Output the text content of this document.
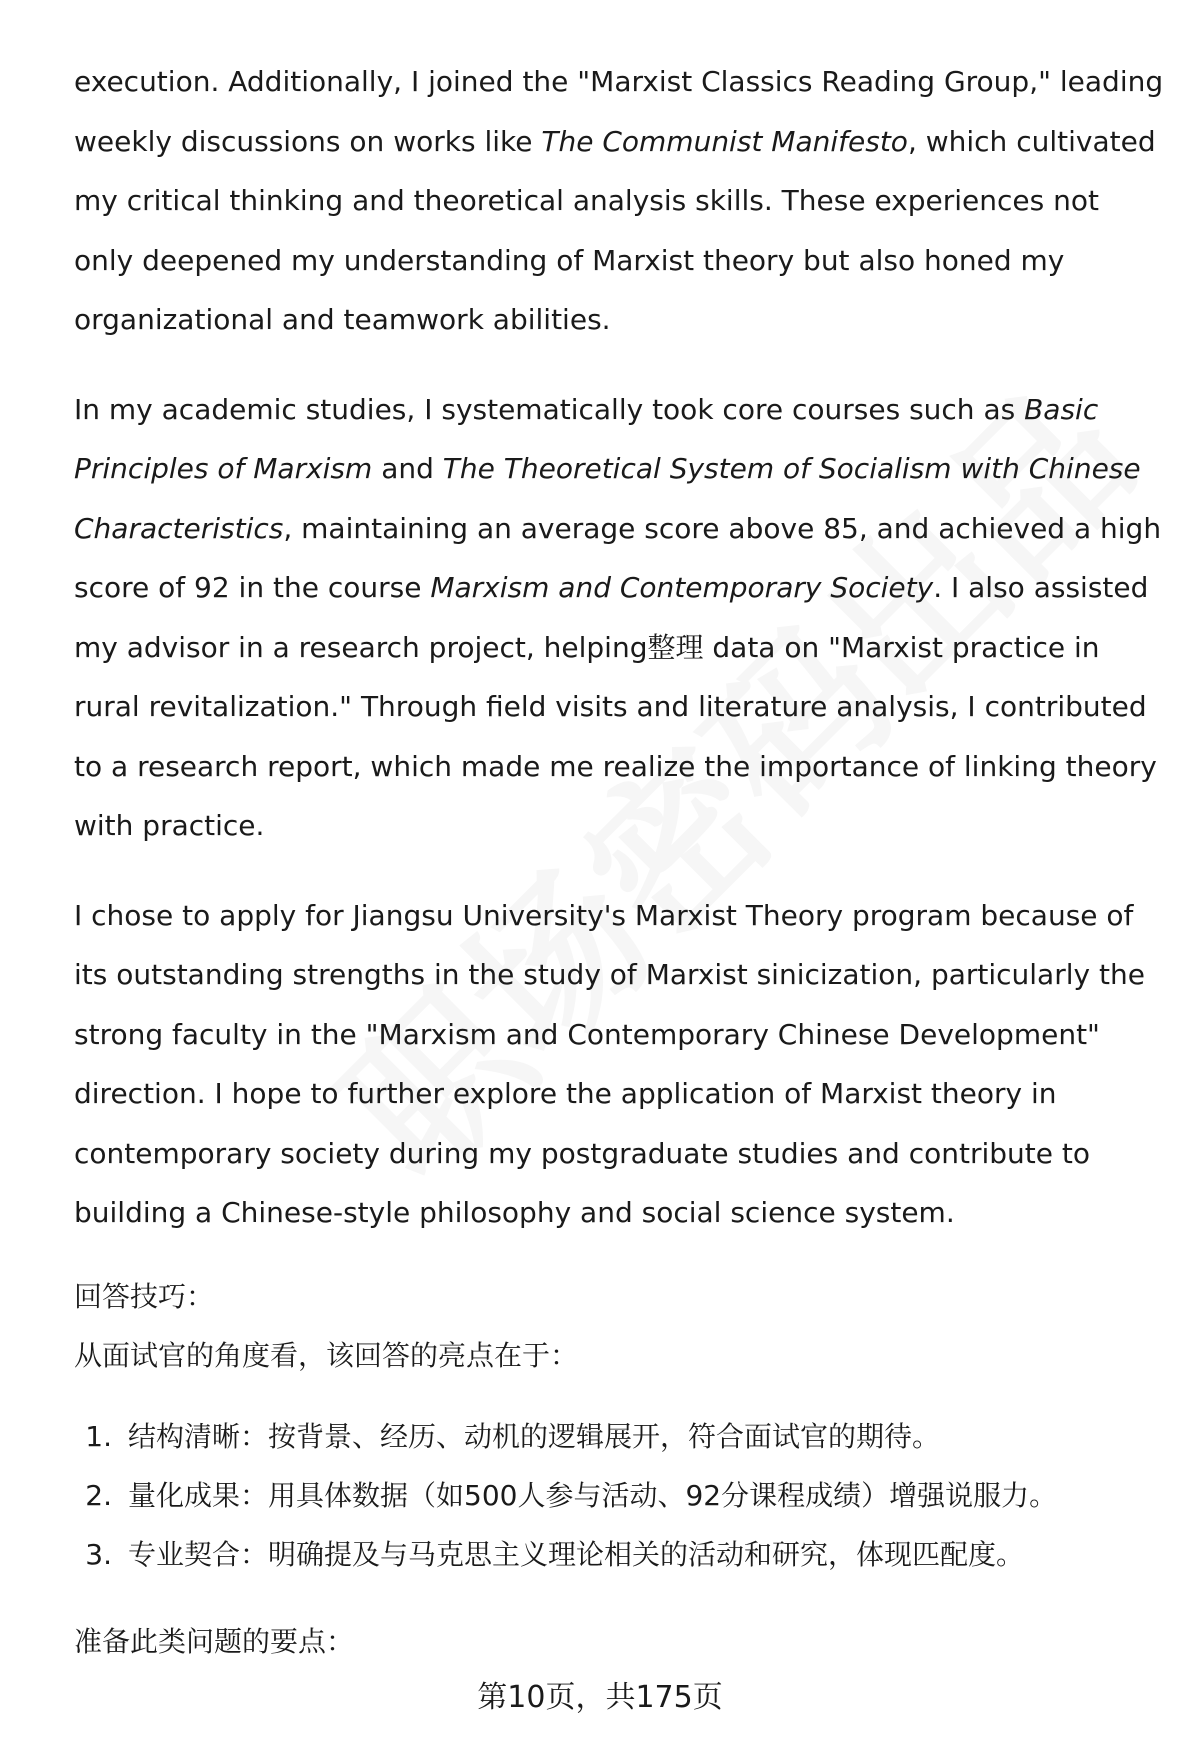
execution. Additionally, I joined the "Marxist Classics Reading Group," leading weekly discussions on works like The Communist Manifesto, which cultivated my critical thinking and theoretical analysis skills. These experiences not only deepened my understanding of Marxist theory but also honed my organizational and teamwork abilities.

In my academic studies, I systematically took core courses such as Basic Principles of Marxism and The Theoretical System of Socialism with Chinese Characteristics, maintaining an average score above 85, and achieved a high score of 92 in the course Marxism and Contemporary Society. I also assisted my advisor in a research project, helping整理 data on "Marxist practice in rural revitalization." Through field visits and literature analysis, I contributed to a research report, which made me realize the importance of linking theory with practice.

I chose to apply for Jiangsu University's Marxist Theory program because of its outstanding strengths in the study of Marxist sinicization, particularly the strong faculty in the "Marxism and Contemporary Chinese Development" direction. I hope to further explore the application of Marxist theory in contemporary society during my postgraduate studies and contribute to building a Chinese-style philosophy and social science system.

回答技巧：

从面试官的角度看，该回答的亮点在于：

1. 结构清晰：按背景、经历、动机的逻辑展开，符合面试官的期待。
2. 量化成果：用具体数据（如500人参与活动、92分课程成绩）增强说服力。
3. 专业契合：明确提及与马克思主义理论相关的活动和研究，体现匹配度。

准备此类问题的要点：

第10页，共175页
